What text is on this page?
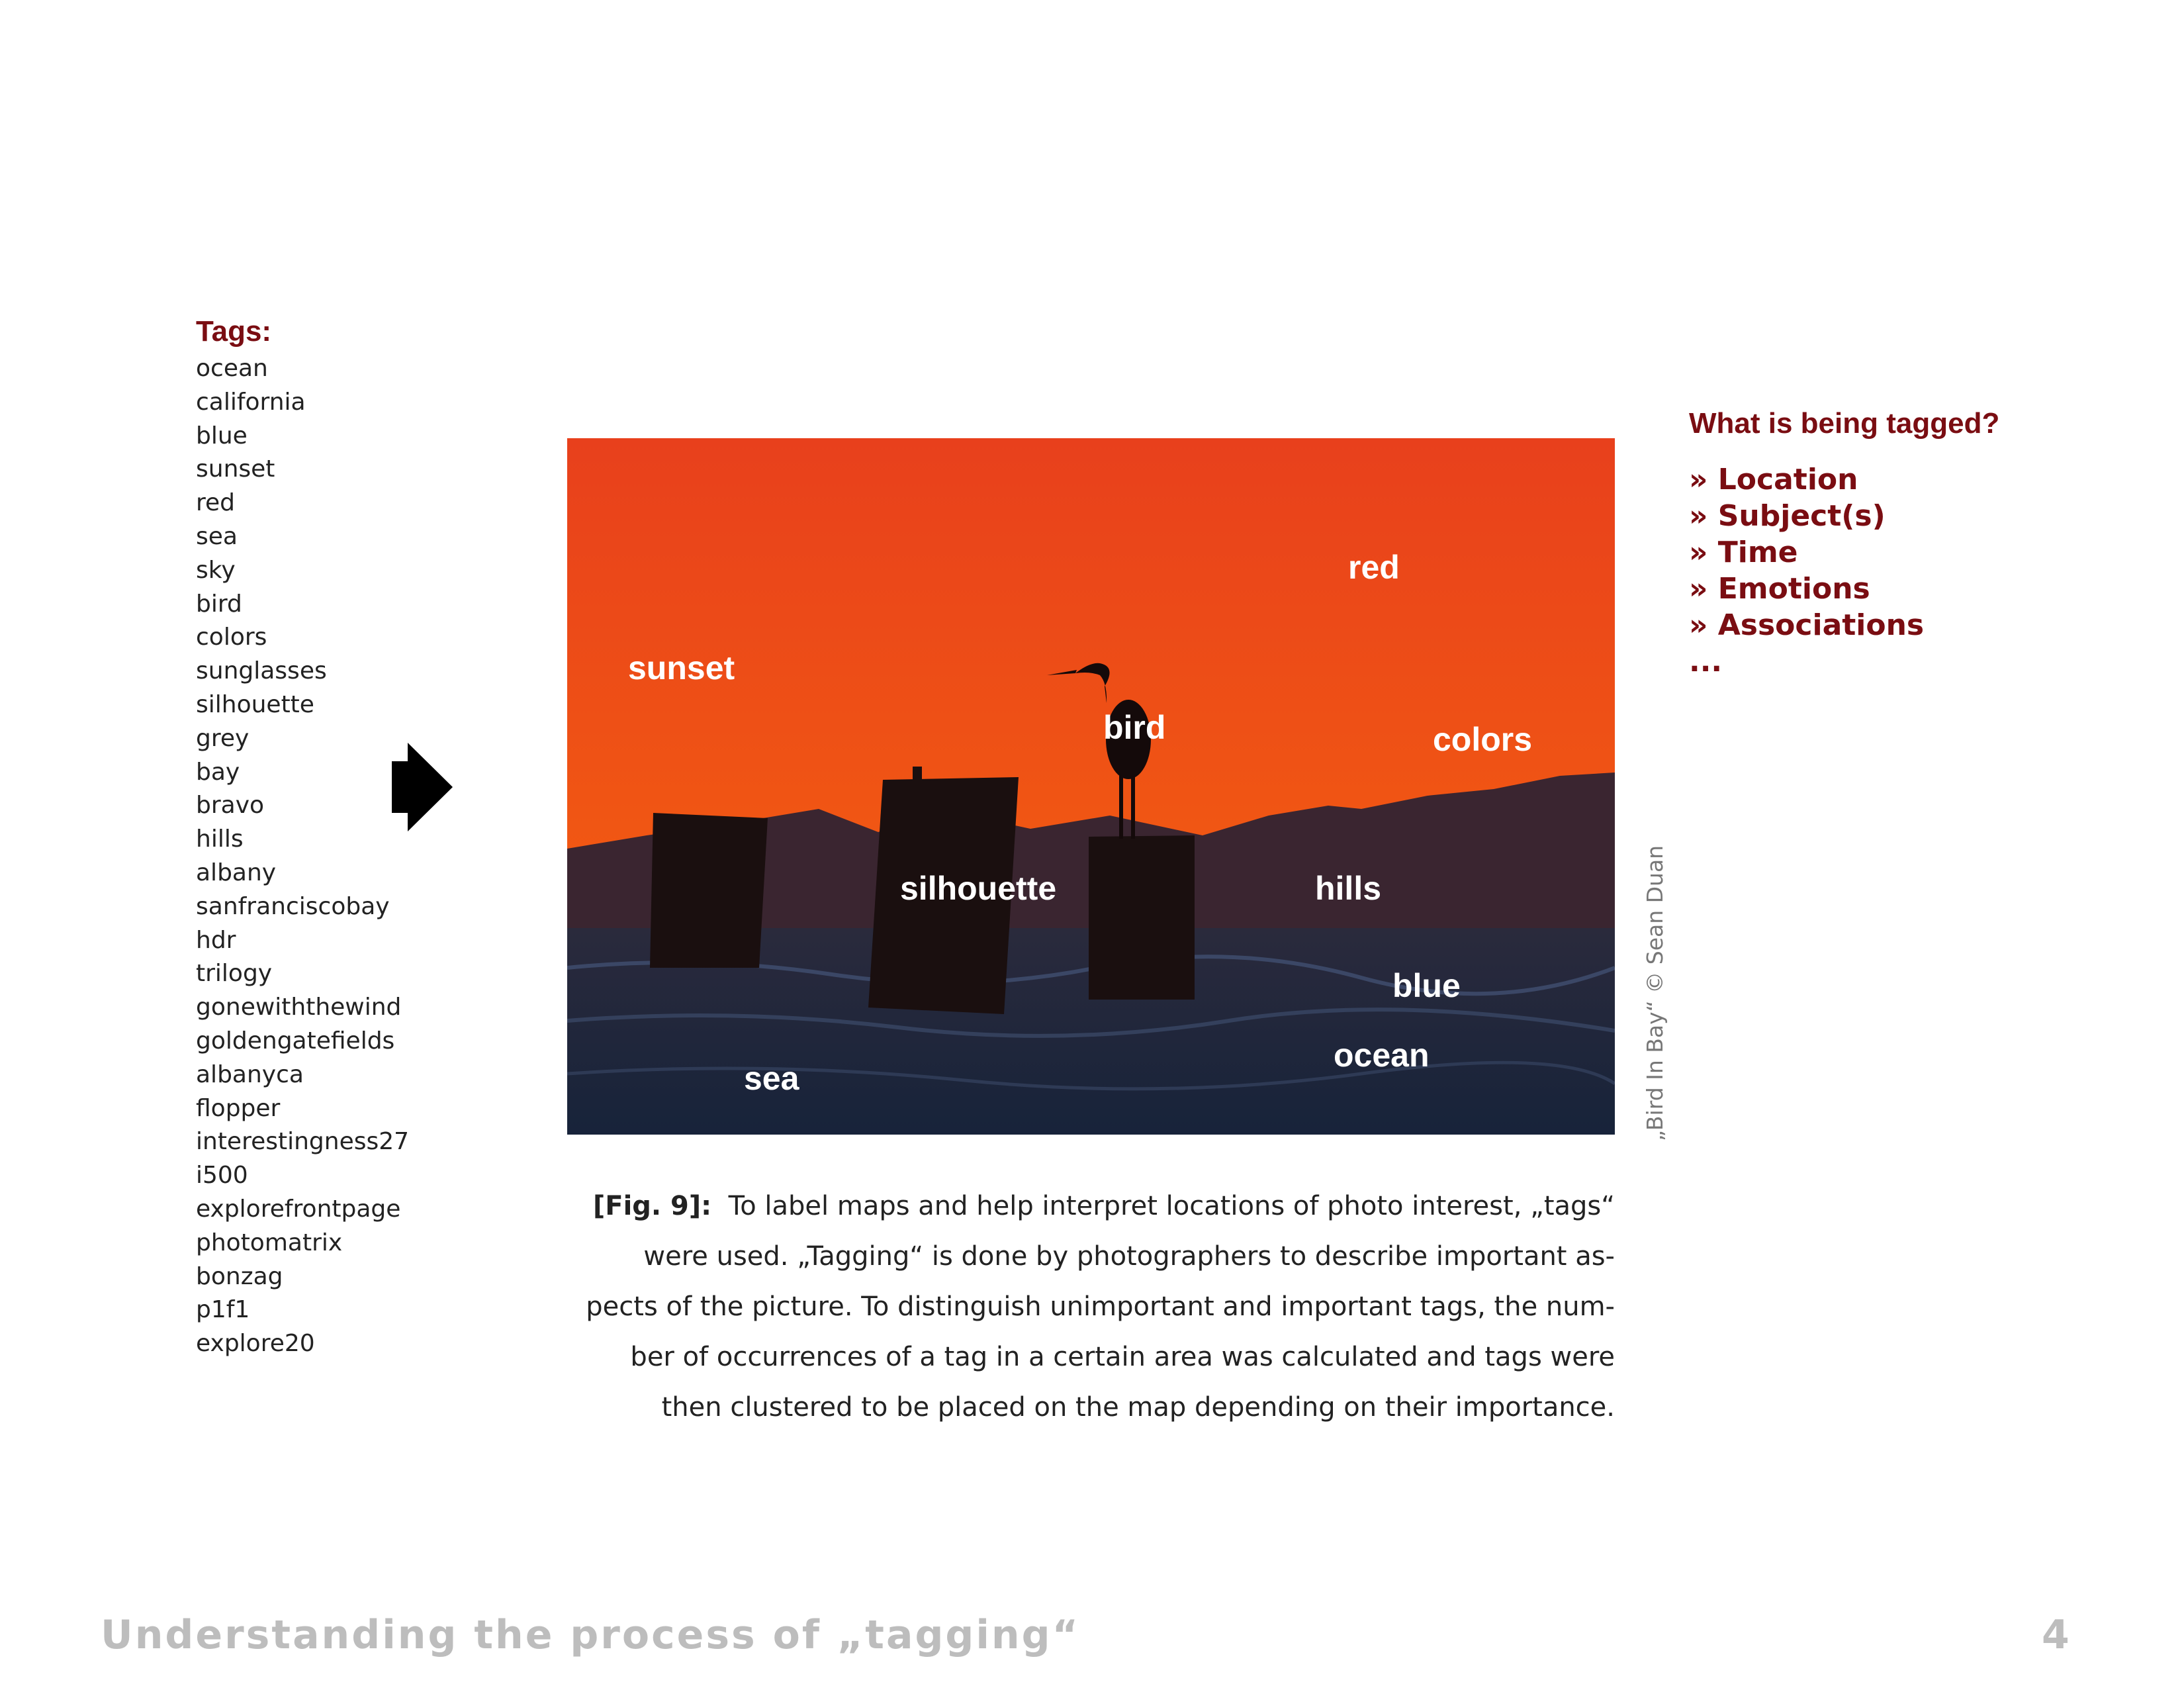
Tags:
ocean
california
blue
sunset
red
sea
sky
bird
colors
sunglasses
silhouette
grey
bay
bravo
hills
albany
sanfranciscobay
hdr
trilogy
gonewiththewind
goldengatefields
albanyca
flopper
interestingness27
i500
explorefrontpage
photomatrix
bonzag
p1f1
explore20
sunset
red
bird	colors
silhouette	hills
blue
ocean
sea	„Bird In Bay“ © Sean Duan
What is being tagged?
» Location
» Subject(s)
» Time
» Emotions
» Associations
...

[Fig. 9]: To label maps and help interpret locations of photo interest, „tags“ were used. „Tagging“ is done by photographers to describe important as-pects of the picture. To distinguish unimportant and important tags, the num-ber of occurrences of a tag in a certain area was calculated and tags were then clustered to be placed on the map depending on their importance.

Understanding the process of „tagging“	4
